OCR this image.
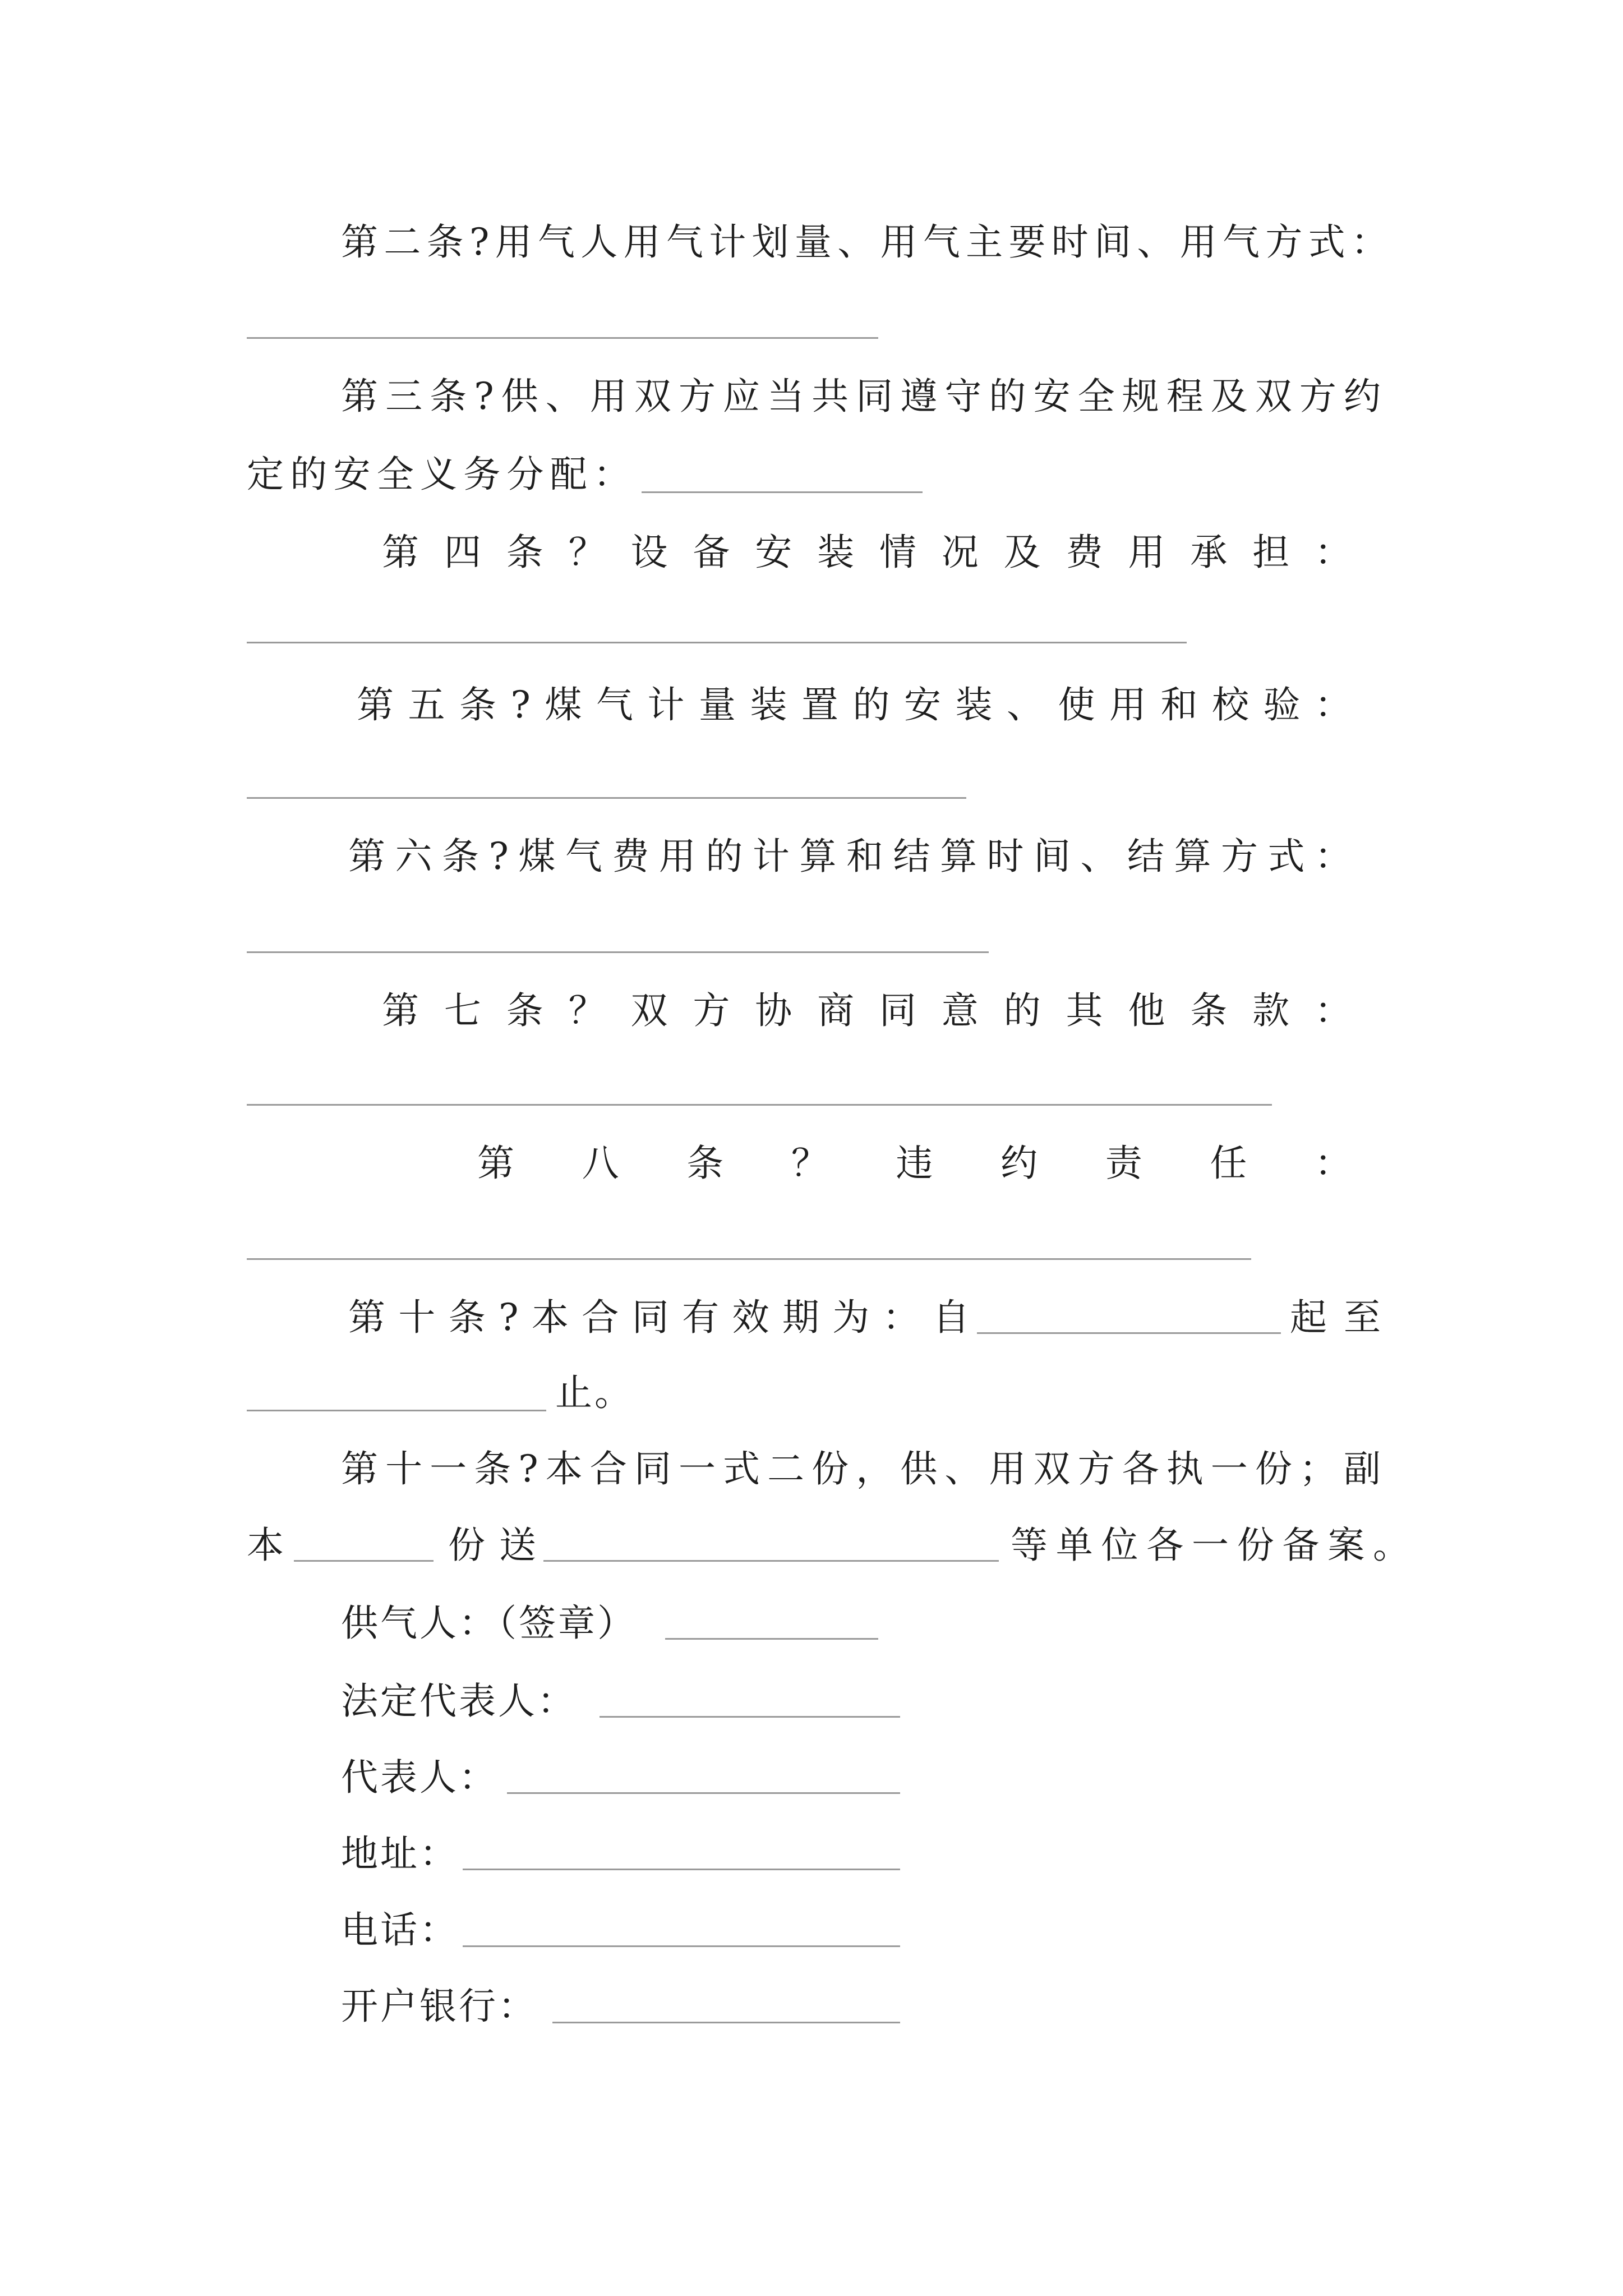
第二条?用气人用气计划量、用气主要时间、用气方式：
第三条?供、用双方应当共同遵守的安全规程及双方约
定的安全义务分配：
第四条？设备安装情况及费用承担：
第五条?煤气计量装置的安装、使用和校验：
第六条?煤气费用的计算和结算时间、结算方式：
第七条？双方协商同意的其他条款：
第八条？违约责任：
第十条?本合同有效期为：自	起至
止。
第十一条?本合同一式二份，供、用双方各执一份；副
本	份送	等单位各一份备案。
供气人：（签章）
法定代表人：
代表人：
地址：
电话：
开户银行：
